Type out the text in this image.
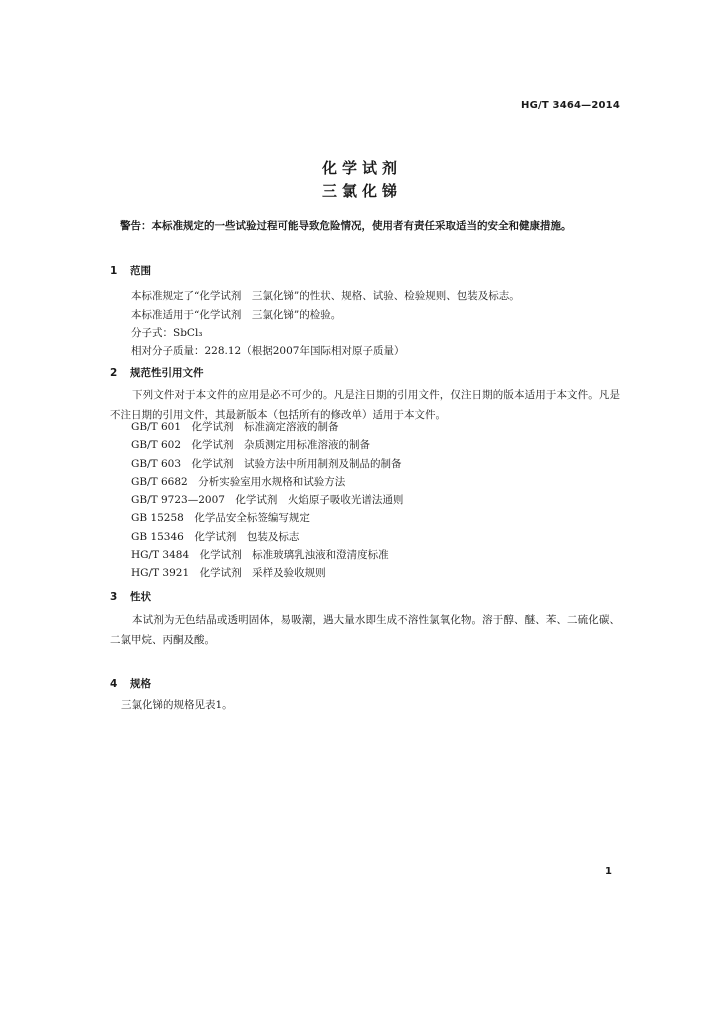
HG/T 3464—2014
化学试剂
三氯化锑
警告：本标准规定的一些试验过程可能导致危险情况，使用者有责任采取适当的安全和健康措施。
1 范围
本标准规定了“化学试剂　三氯化锑”的性状、规格、试验、检验规则、包装及标志。
本标准适用于“化学试剂　三氯化锑”的检验。
分子式：SbCl₃
相对分子质量：228.12（根据2007年国际相对原子质量）
2 规范性引用文件
下列文件对于本文件的应用是必不可少的。凡是注日期的引用文件，仅注日期的版本适用于本文件。凡是不注日期的引用文件，其最新版本（包括所有的修改单）适用于本文件。
GB/T 601　化学试剂　标准滴定溶液的制备
GB/T 602　化学试剂　杂质测定用标准溶液的制备
GB/T 603　化学试剂　试验方法中所用制剂及制品的制备
GB/T 6682　分析实验室用水规格和试验方法
GB/T 9723—2007　化学试剂　火焰原子吸收光谱法通则
GB 15258　化学品安全标签编写规定
GB 15346　化学试剂　包装及标志
HG/T 3484　化学试剂　标准玻璃乳浊液和澄清度标准
HG/T 3921　化学试剂　采样及验收规则
3 性状
本试剂为无色结晶或透明固体，易吸潮，遇大量水即生成不溶性氯氧化物。溶于醇、醚、苯、二硫化碳、二氯甲烷、丙酮及酸。
4 规格
三氯化锑的规格见表1。
1
